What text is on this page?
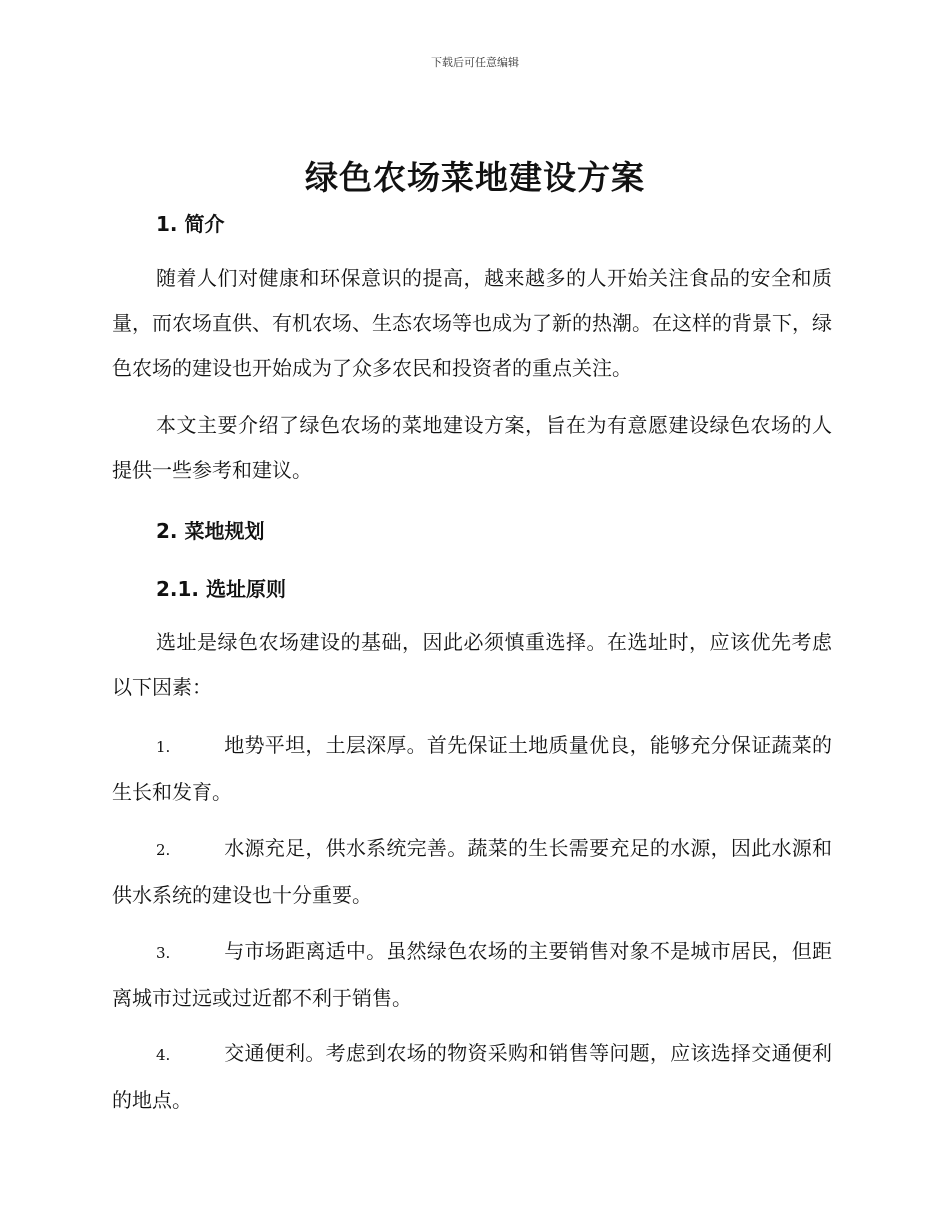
下载后可任意编辑
绿色农场菜地建设方案
1. 简介

随着人们对健康和环保意识的提高，越来越多的人开始关注食品的安全和质量，而农场直供、有机农场、生态农场等也成为了新的热潮。在这样的背景下，绿色农场的建设也开始成为了众多农民和投资者的重点关注。

本文主要介绍了绿色农场的菜地建设方案，旨在为有意愿建设绿色农场的人提供一些参考和建议。

2. 菜地规划
2.1. 选址原则

选址是绿色农场建设的基础，因此必须慎重选择。在选址时，应该优先考虑以下因素：

1.	地势平坦，土层深厚。首先保证土地质量优良，能够充分保证蔬菜的生长和发育。

2.	水源充足，供水系统完善。蔬菜的生长需要充足的水源，因此水源和供水系统的建设也十分重要。

3.	与市场距离适中。虽然绿色农场的主要销售对象不是城市居民，但距离城市过远或过近都不利于销售。

4.	交通便利。考虑到农场的物资采购和销售等问题，应该选择交通便利的地点。
